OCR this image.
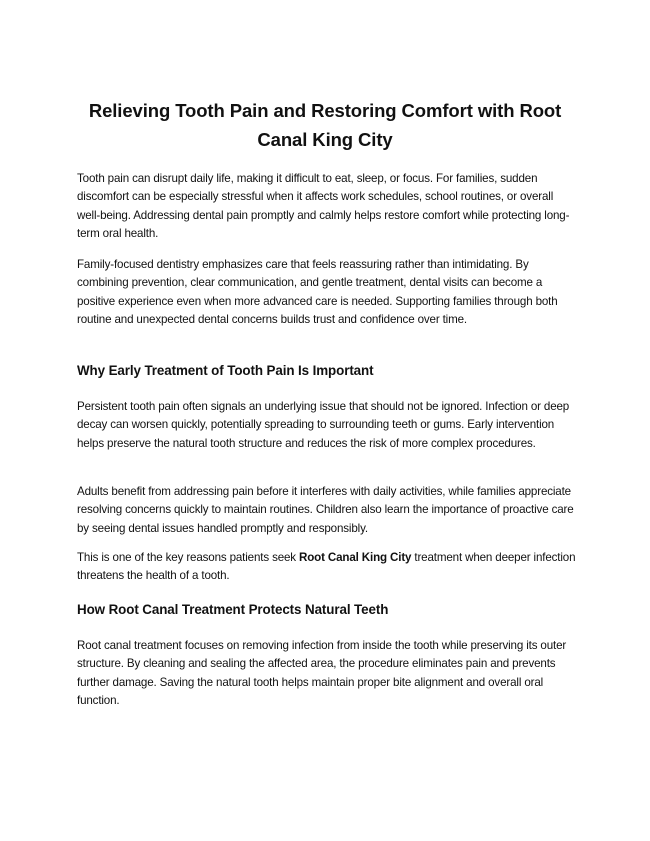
Relieving Tooth Pain and Restoring Comfort with Root Canal King City

Tooth pain can disrupt daily life, making it difficult to eat, sleep, or focus. For families, sudden discomfort can be especially stressful when it affects work schedules, school routines, or overall well-being. Addressing dental pain promptly and calmly helps restore comfort while protecting long-term oral health.

Family-focused dentistry emphasizes care that feels reassuring rather than intimidating. By combining prevention, clear communication, and gentle treatment, dental visits can become a positive experience even when more advanced care is needed. Supporting families through both routine and unexpected dental concerns builds trust and confidence over time.

Why Early Treatment of Tooth Pain Is Important

Persistent tooth pain often signals an underlying issue that should not be ignored. Infection or deep decay can worsen quickly, potentially spreading to surrounding teeth or gums. Early intervention helps preserve the natural tooth structure and reduces the risk of more complex procedures.

Adults benefit from addressing pain before it interferes with daily activities, while families appreciate resolving concerns quickly to maintain routines. Children also learn the importance of proactive care by seeing dental issues handled promptly and responsibly.

This is one of the key reasons patients seek Root Canal King City treatment when deeper infection threatens the health of a tooth.

How Root Canal Treatment Protects Natural Teeth

Root canal treatment focuses on removing infection from inside the tooth while preserving its outer structure. By cleaning and sealing the affected area, the procedure eliminates pain and prevents further damage. Saving the natural tooth helps maintain proper bite alignment and overall oral function.
